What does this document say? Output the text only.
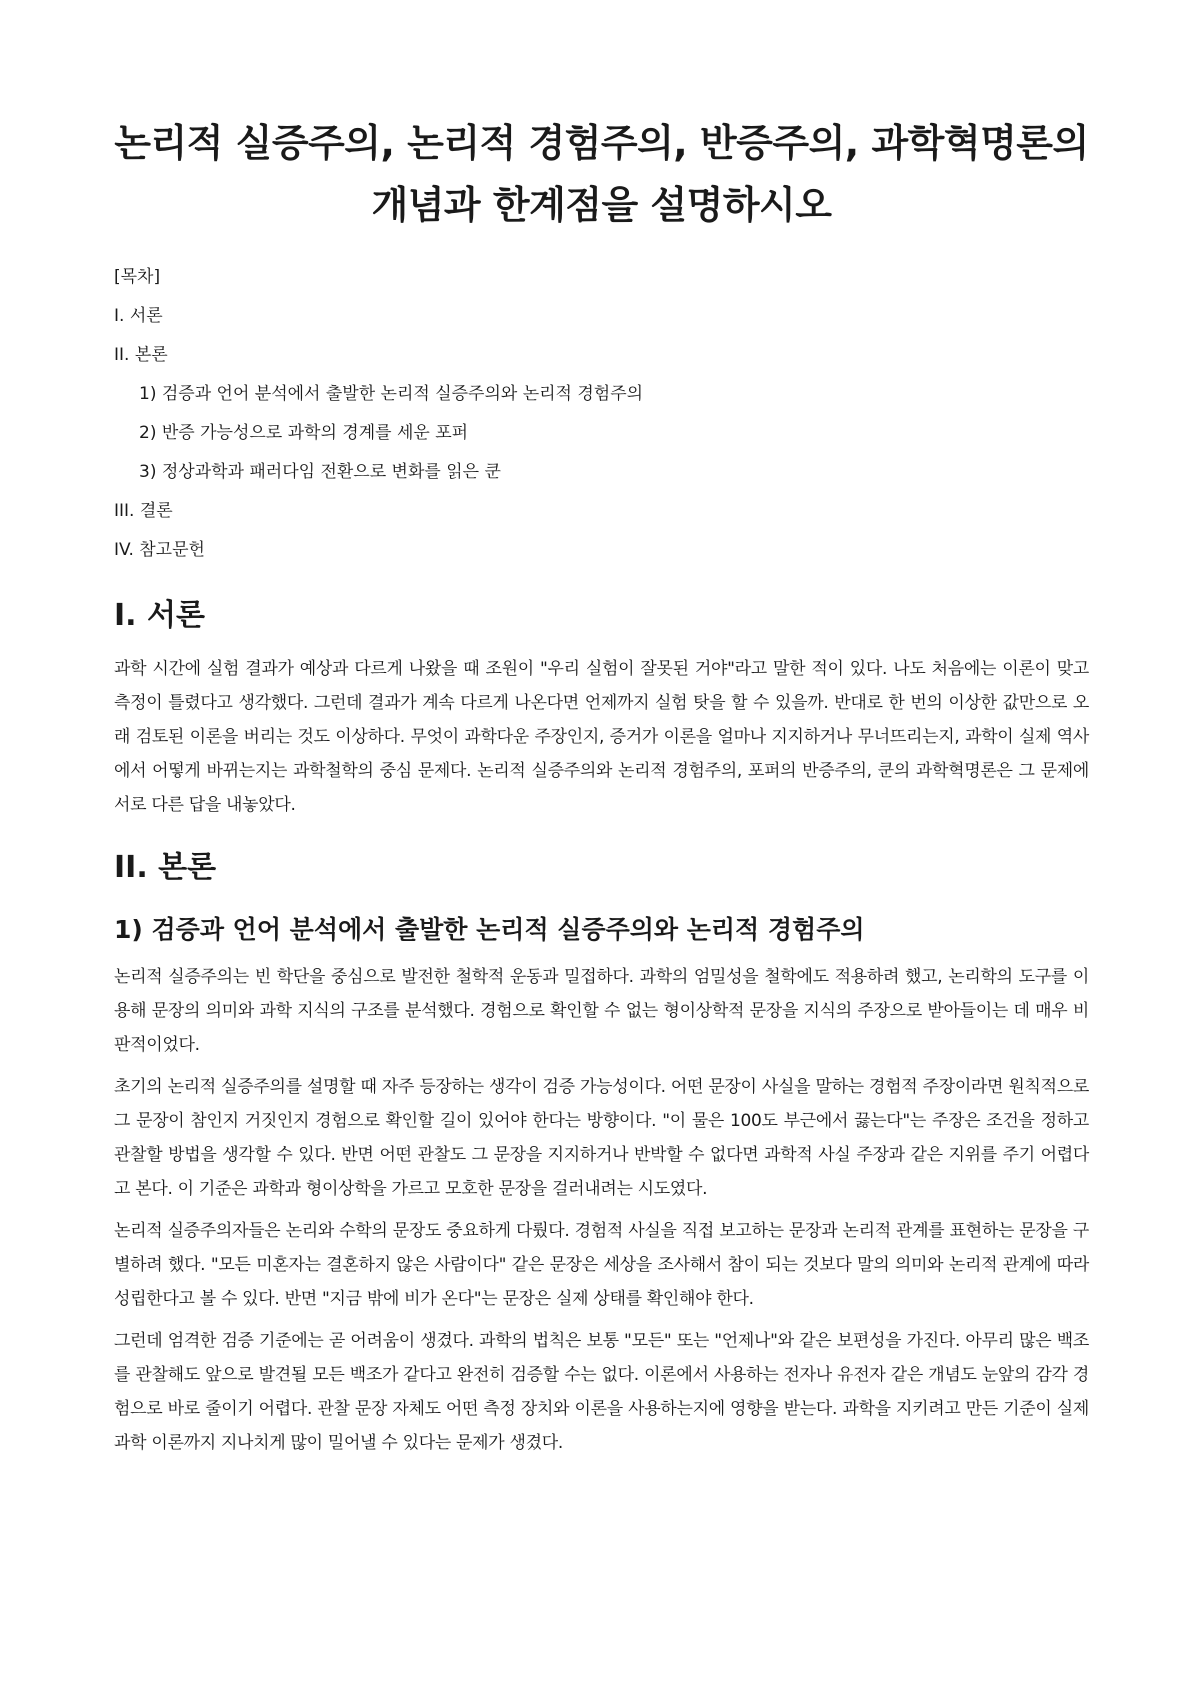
논리적 실증주의, 논리적 경험주의, 반증주의, 과학혁명론의 개념과 한계점을 설명하시오
[목차]
I. 서론
II. 본론
1) 검증과 언어 분석에서 출발한 논리적 실증주의와 논리적 경험주의
2) 반증 가능성으로 과학의 경계를 세운 포퍼
3) 정상과학과 패러다임 전환으로 변화를 읽은 쿤
III. 결론
IV. 참고문헌
I. 서론

과학 시간에 실험 결과가 예상과 다르게 나왔을 때 조원이 "우리 실험이 잘못된 거야"라고 말한 적이 있다. 나도 처음에는 이론이 맞고 측정이 틀렸다고 생각했다. 그런데 결과가 계속 다르게 나온다면 언제까지 실험 탓을 할 수 있을까. 반대로 한 번의 이상한 값만으로 오래 검토된 이론을 버리는 것도 이상하다. 무엇이 과학다운 주장인지, 증거가 이론을 얼마나 지지하거나 무너뜨리는지, 과학이 실제 역사에서 어떻게 바뀌는지는 과학철학의 중심 문제다. 논리적 실증주의와 논리적 경험주의, 포퍼의 반증주의, 쿤의 과학혁명론은 그 문제에 서로 다른 답을 내놓았다.

II. 본론
1) 검증과 언어 분석에서 출발한 논리적 실증주의와 논리적 경험주의

논리적 실증주의는 빈 학단을 중심으로 발전한 철학적 운동과 밀접하다. 과학의 엄밀성을 철학에도 적용하려 했고, 논리학의 도구를 이용해 문장의 의미와 과학 지식의 구조를 분석했다. 경험으로 확인할 수 없는 형이상학적 문장을 지식의 주장으로 받아들이는 데 매우 비판적이었다.

초기의 논리적 실증주의를 설명할 때 자주 등장하는 생각이 검증 가능성이다. 어떤 문장이 사실을 말하는 경험적 주장이라면 원칙적으로 그 문장이 참인지 거짓인지 경험으로 확인할 길이 있어야 한다는 방향이다. "이 물은 100도 부근에서 끓는다"는 주장은 조건을 정하고 관찰할 방법을 생각할 수 있다. 반면 어떤 관찰도 그 문장을 지지하거나 반박할 수 없다면 과학적 사실 주장과 같은 지위를 주기 어렵다고 본다. 이 기준은 과학과 형이상학을 가르고 모호한 문장을 걸러내려는 시도였다.

논리적 실증주의자들은 논리와 수학의 문장도 중요하게 다뤘다. 경험적 사실을 직접 보고하는 문장과 논리적 관계를 표현하는 문장을 구별하려 했다. "모든 미혼자는 결혼하지 않은 사람이다" 같은 문장은 세상을 조사해서 참이 되는 것보다 말의 의미와 논리적 관계에 따라 성립한다고 볼 수 있다. 반면 "지금 밖에 비가 온다"는 문장은 실제 상태를 확인해야 한다.

그런데 엄격한 검증 기준에는 곧 어려움이 생겼다. 과학의 법칙은 보통 "모든" 또는 "언제나"와 같은 보편성을 가진다. 아무리 많은 백조를 관찰해도 앞으로 발견될 모든 백조가 같다고 완전히 검증할 수는 없다. 이론에서 사용하는 전자나 유전자 같은 개념도 눈앞의 감각 경험으로 바로 줄이기 어렵다. 관찰 문장 자체도 어떤 측정 장치와 이론을 사용하는지에 영향을 받는다. 과학을 지키려고 만든 기준이 실제 과학 이론까지 지나치게 많이 밀어낼 수 있다는 문제가 생겼다.
